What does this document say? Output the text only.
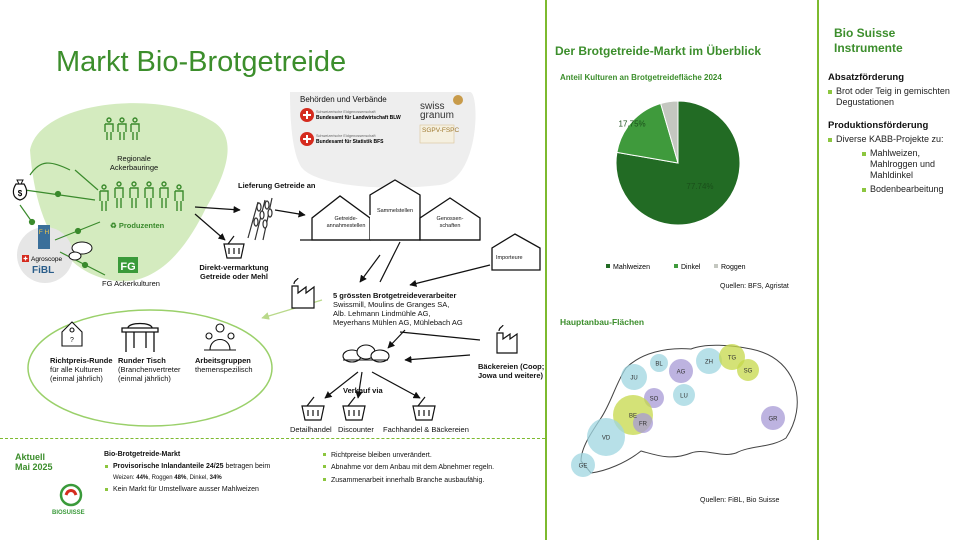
Markt Bio-Brotgetreide
$
F H
Agroscope
FiBL	FG
Schweizerische Eidgenossenschaft
Bundesamt für Landwirtschaft BLW
Schweizerische Eidgenossenschaft
Bundesamt für Statistik BFS
swiss
granum
SGPV-FSPC
?
Behörden und Verbände
Regionale Ackerbauringe
♻ Produzenten
Lieferung Getreide an
Getreide-annahmestellen
Sammelstellen
Genossen-schaften
Importeure
Direkt-vermarktung Getreide oder Mehl
FG Ackerkulturen
5 grössten Brotgetreideverarbeiter
Swissmill, Moulins de Granges SA,
Alb. Lehmann Lindmühle AG,
Meyerhans Mühlen AG, Mühlebach AG
Bäckereien (Coop; Jowa und weitere)
Verkauf via
Detailhandel Discounter Fachhandel & Bäckereien
Richtpreis-Runde
für alle Kulturen (einmal jährlich)
Runder Tisch
(Branchenvertreter (einmal jährlich)
Arbeitsgruppen
themenspezilisch
Aktuell
Mai 2025
BIOSUISSE
Bio-Brotgetreide-Markt
Provisorische Inlandanteile 24/25 betragen beim
Weizen: 44%, Roggen 48%, Dinkel, 34%
Kein Markt für Umstellware ausser Mahlweizen
Richtpreise bleiben unverändert.
Abnahme vor dem Anbau mit dem Abnehmer regeln.
Zusammenarbeit innerhalb Branche ausbaufähig.
Der Brotgetreide-Markt im Überblick
Anteil Kulturen an Brotgetreidefläche 2024
77.74%
17.75%
Mahlweizen	Dinkel	Roggen
Quellen: BFS, Agristat
Hauptanbau-Flächen
ZH
TG
SG
BL
AG
JU
LU
SO
BE
FR
VD
GE
GR
Quellen: FiBL, Bio Suisse
Bio Suisse Instrumente
Absatzförderung
Brot oder Teig in gemischten Degustationen
Produktionsförderung
Diverse KABB-Projekte zu:
Mahlweizen, Mahlroggen und Mahldinkel
Bodenbearbeitung
